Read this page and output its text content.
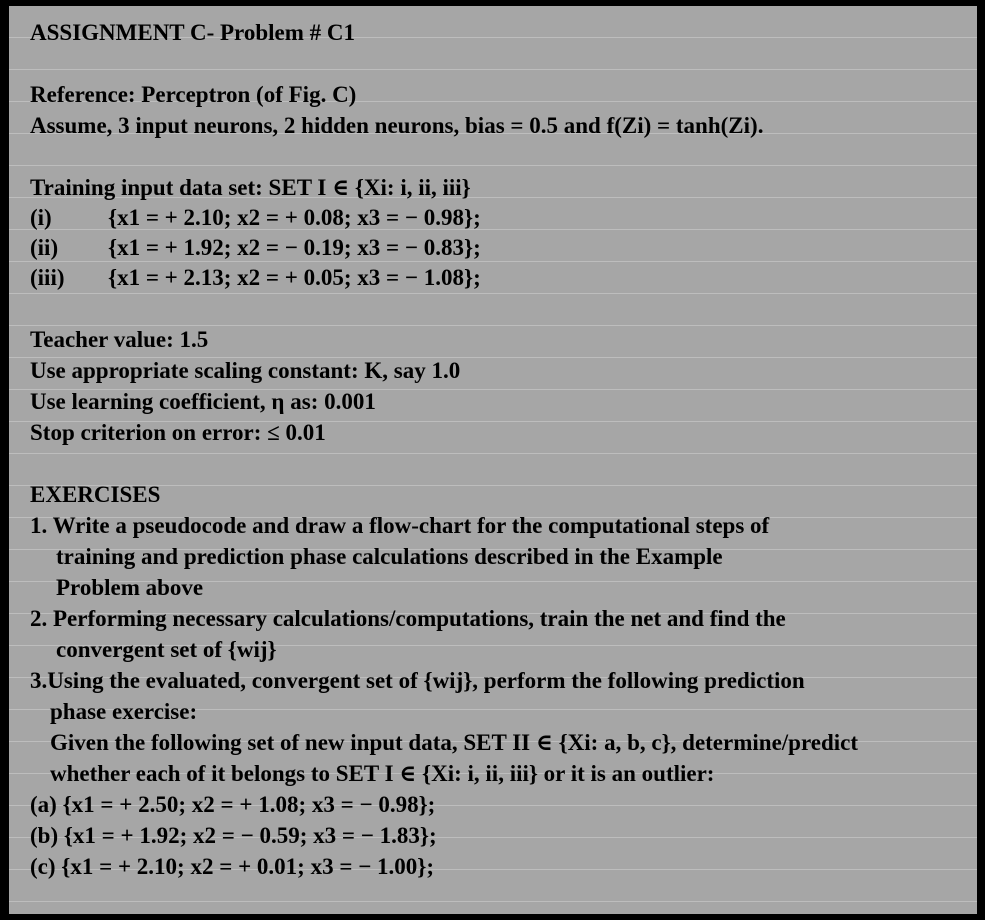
ASSIGNMENT C- Problem # C1
Reference: Perceptron (of Fig. C)
Assume, 3 input neurons, 2 hidden neurons, bias = 0.5 and f(Zi) = tanh(Zi).
Training input data set: SET I ∈ {Xi: i, ii, iii}
(i) {x1 = + 2.10; x2 = + 0.08; x3 = − 0.98};
(ii) {x1 = + 1.92; x2 = − 0.19; x3 = − 0.83};
(iii) {x1 = + 2.13; x2 = + 0.05; x3 = − 1.08};
Teacher value: 1.5
Use appropriate scaling constant: K, say 1.0
Use learning coefficient, η as: 0.001
Stop criterion on error: ≤ 0.01
EXERCISES
1. Write a pseudocode and draw a flow-chart for the computational steps of
training and prediction phase calculations described in the Example
Problem above
2. Performing necessary calculations/computations, train the net and find the
convergent set of {wij}
3.Using the evaluated, convergent set of {wij}, perform the following prediction
phase exercise:
Given the following set of new input data, SET II ∈ {Xi: a, b, c}, determine/predict
whether each of it belongs to SET I ∈ {Xi: i, ii, iii} or it is an outlier:
(a) {x1 = + 2.50; x2 = + 1.08; x3 = − 0.98};
(b) {x1 = + 1.92; x2 = − 0.59; x3 = − 1.83};
(c) {x1 = + 2.10; x2 = + 0.01; x3 = − 1.00};
